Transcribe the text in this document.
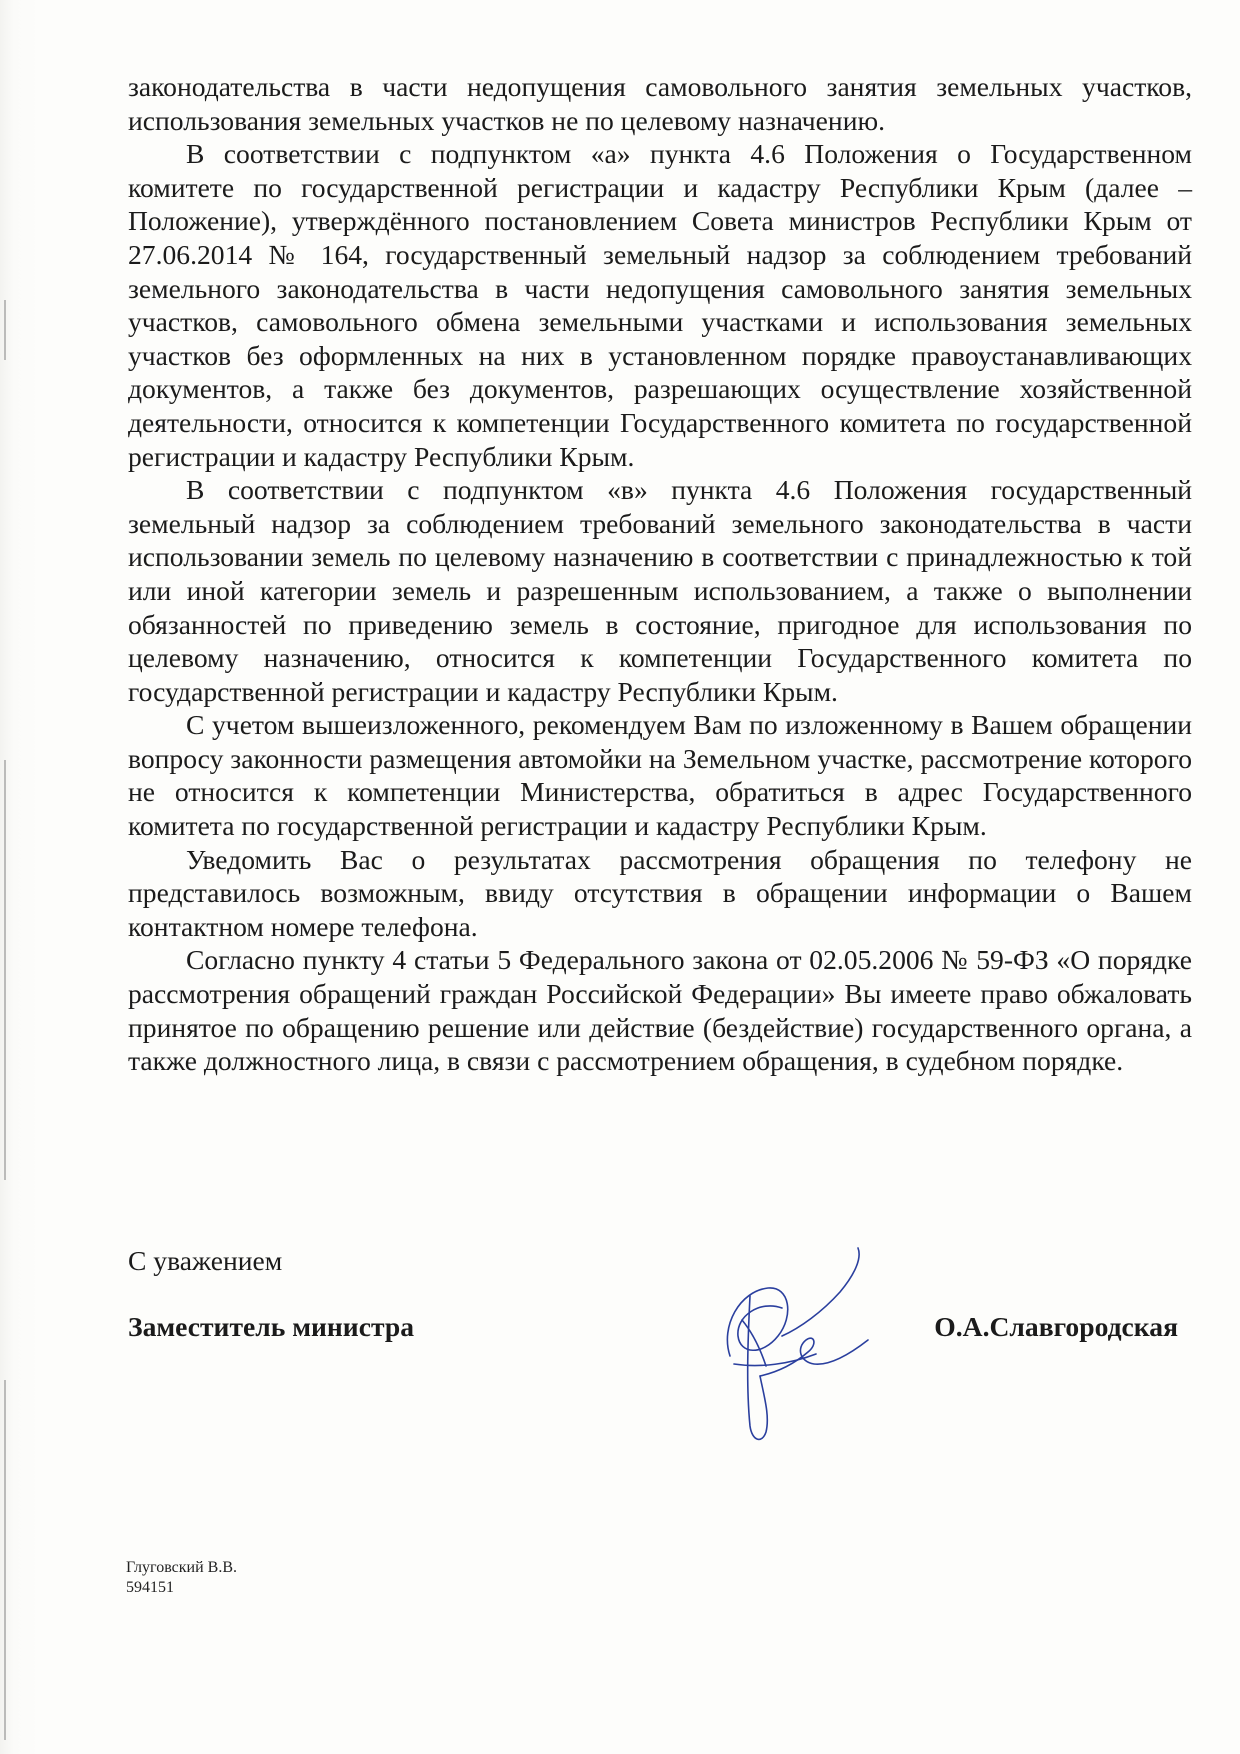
законодательства в части недопущения самовольного занятия земельных участков, использования земельных участков не по целевому назначению.

В соответствии с подпунктом «а» пункта 4.6 Положения о Государственном комитете по государственной регистрации и кадастру Республики Крым (далее – Положение), утверждённого постановлением Совета министров Республики Крым от 27.06.2014 № 164, государственный земельный надзор за соблюдением требований земельного законодательства в части недопущения самовольного занятия земельных участков, самовольного обмена земельными участками и использования земельных участков без оформленных на них в установленном порядке правоустанавливающих документов, а также без документов, разрешающих осуществление хозяйственной деятельности, относится к компетенции Государственного комитета по государственной регистрации и кадастру Республики Крым.

В соответствии с подпунктом «в» пункта 4.6 Положения государственный земельный надзор за соблюдением требований земельного законодательства в части использовании земель по целевому назначению в соответствии с принадлежностью к той или иной категории земель и разрешенным использованием, а также о выполнении обязанностей по приведению земель в состояние, пригодное для использования по целевому назначению, относится к компетенции Государственного комитета по государственной регистрации и кадастру Республики Крым.

С учетом вышеизложенного, рекомендуем Вам по изложенному в Вашем обращении вопросу законности размещения автомойки на Земельном участке, рассмотрение которого не относится к компетенции Министерства, обратиться в адрес Государственного комитета по государственной регистрации и кадастру Республики Крым.

Уведомить Вас о результатах рассмотрения обращения по телефону не представилось возможным, ввиду отсутствия в обращении информации о Вашем контактном номере телефона.

Согласно пункту 4 статьи 5 Федерального закона от 02.05.2006 № 59-ФЗ «О порядке рассмотрения обращений граждан Российской Федерации» Вы имеете право обжаловать принятое по обращению решение или действие (бездействие) государственного органа, а также должностного лица, в связи с рассмотрением обращения, в судебном порядке.

С уважением
Заместитель министра	О.А.Славгородская
Глуговский В.В.
594151
